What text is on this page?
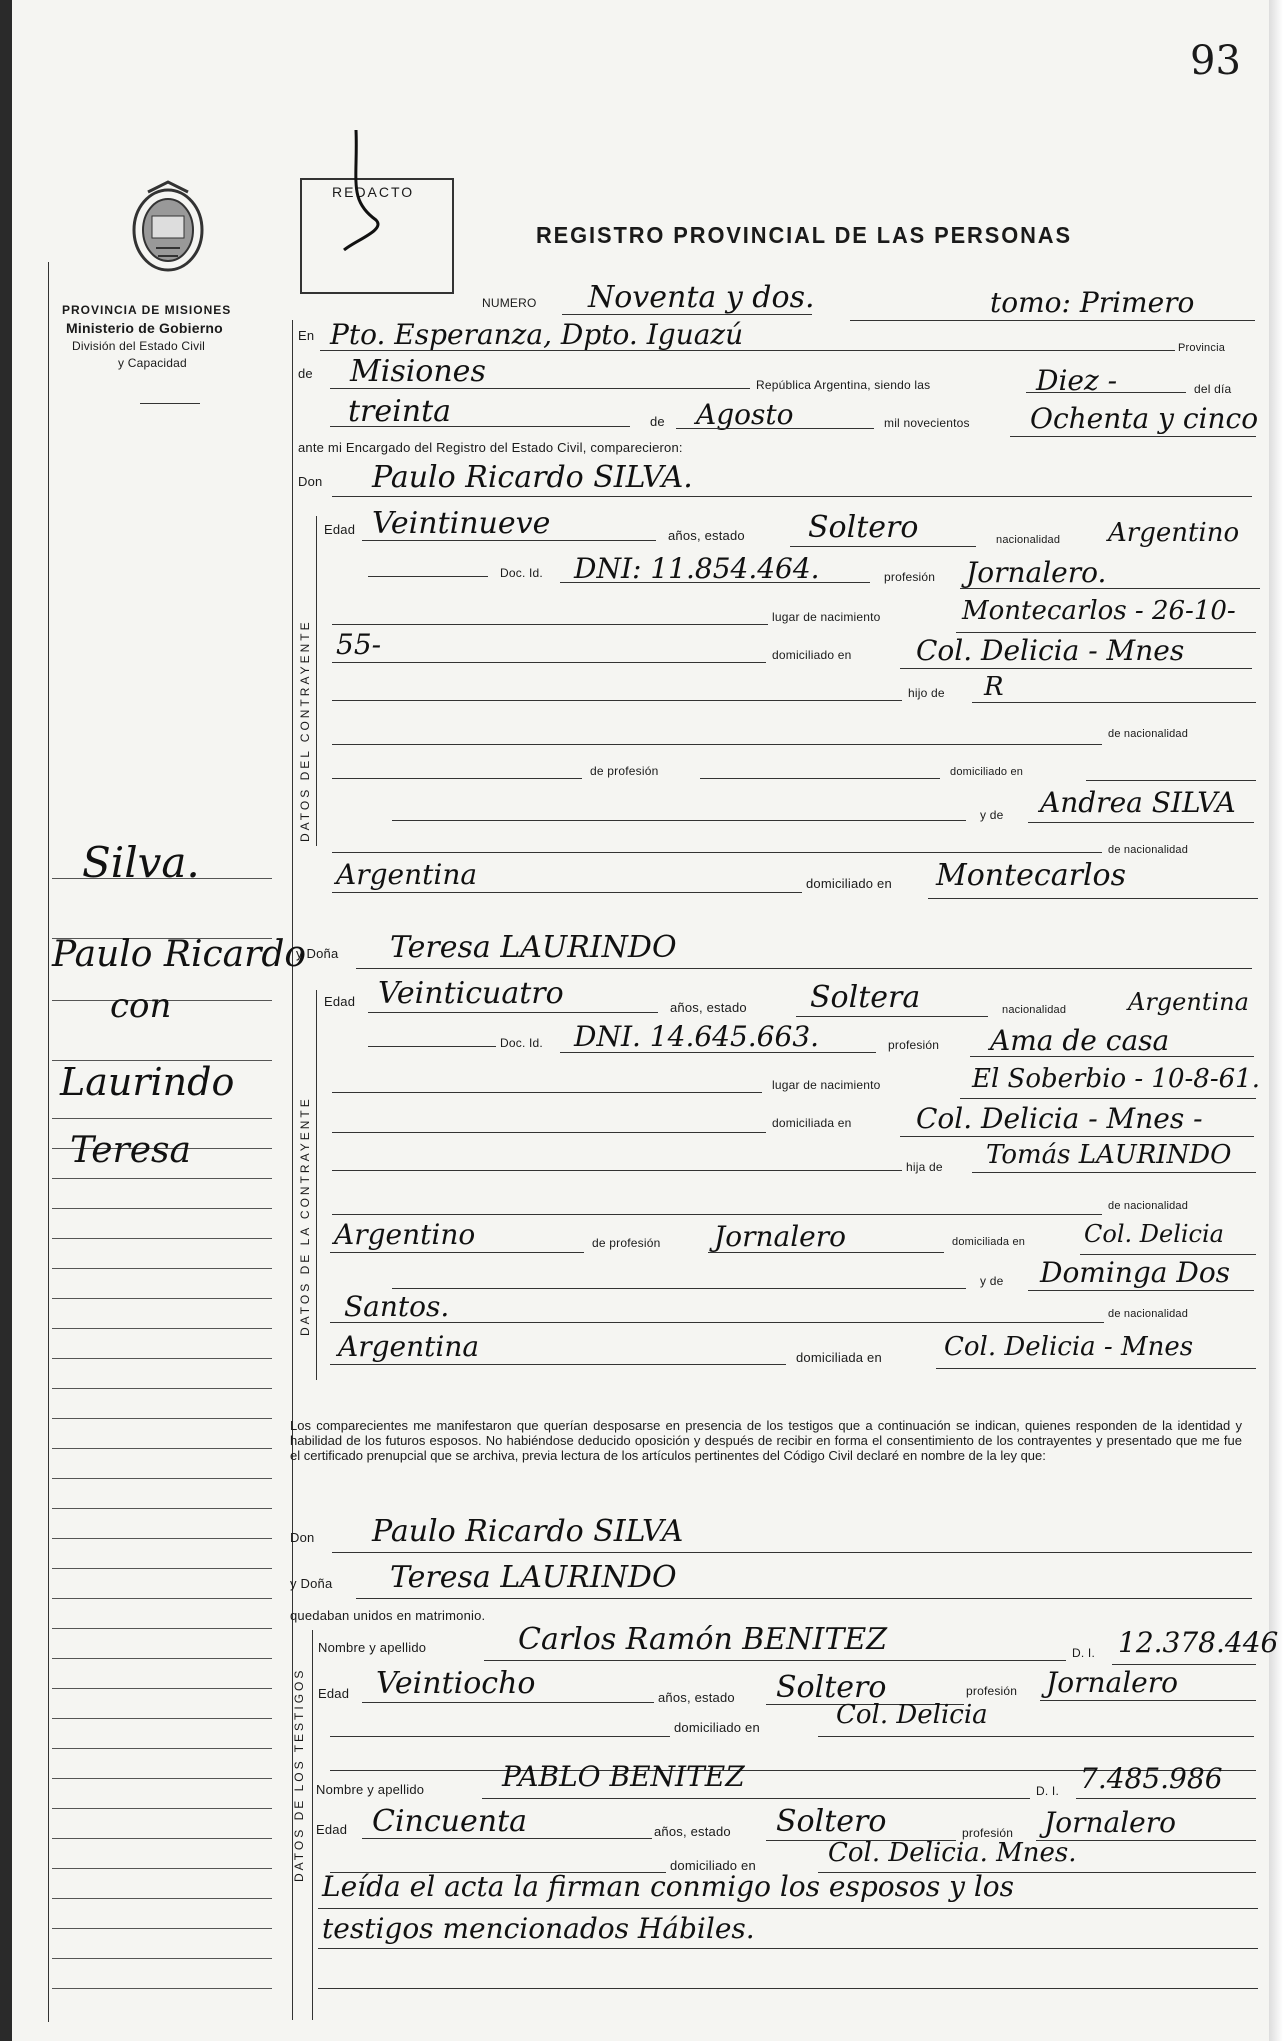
93
PROVINCIA DE MISIONES
Ministerio de Gobierno
División del Estado Civil
y Capacidad
Silva.
Paulo Ricardo
con
Laurindo
Teresa
REDACTO
REGISTRO PROVINCIAL DE LAS PERSONAS
NUMERO Noventa y dos.	tomo: Primero
En Pto. Esperanza, Dpto. Iguazú	Provincia
de Misiones	República Argentina, siendo las	Diez -	del día
treinta	de Agosto	mil novecientos Ochenta y cinco
ante mi Encargado del Registro del Estado Civil, comparecieron:
Don Paulo Ricardo SILVA.
DATOS DEL CONTRAYENTE
Edad Veintinueve	años, estado Soltero	nacionalidad Argentino
Doc. Id. DNI: 11.854.464.	profesión Jornalero.
lugar de nacimiento	Montecarlos - 26-10-
55-	domiciliado en Col. Delicia - Mnes
hijo de R
de nacionalidad
de profesión	domiciliado en
y de Andrea SILVA
de nacionalidad
Argentina	domiciliado en Montecarlos
y Doña Teresa LAURINDO
DATOS DE LA CONTRAYENTE
Edad Veinticuatro	años, estado Soltera	nacionalidad	Argentina
Doc. Id. DNI. 14.645.663.	profesión Ama de casa
lugar de nacimiento	El Soberbio - 10-8-61.
domiciliada en Col. Delicia - Mnes -
hija de Tomás LAURINDO
de nacionalidad
Argentino	de profesión Jornalero	domiciliada en Col. Delicia
y de Dominga Dos
Santos.	de nacionalidad
Argentina	domiciliada en Col. Delicia - Mnes
Los comparecientes me manifestaron que querían desposarse en presencia de los testigos que a continuación se indican, quienes responden de la identidad y habilidad de los futuros esposos. No habiéndose deducido oposición y después de recibir en forma el consentimiento de los contrayentes y presentado que me fue el certificado prenupcial que se archiva, previa lectura de los artículos pertinentes del Código Civil declaré en nombre de la ley que:
Don Paulo Ricardo SILVA
y Doña Teresa LAURINDO
quedaban unidos en matrimonio.
DATOS DE LOS TESTIGOS
Nombre y apellido	Carlos Ramón BENITEZ	D. I. 12.378.446
Edad Veintiocho	años, estado Soltero	profesión Jornalero
domiciliado en	Col. Delicia
Nombre y apellido	PABLO BENITEZ	D. I. 7.485.986
Edad Cincuenta	años, estado Soltero	profesión Jornalero
domiciliado en	Col. Delicia. Mnes.
Leída el acta la firman conmigo los esposos y los
testigos mencionados Hábiles.
